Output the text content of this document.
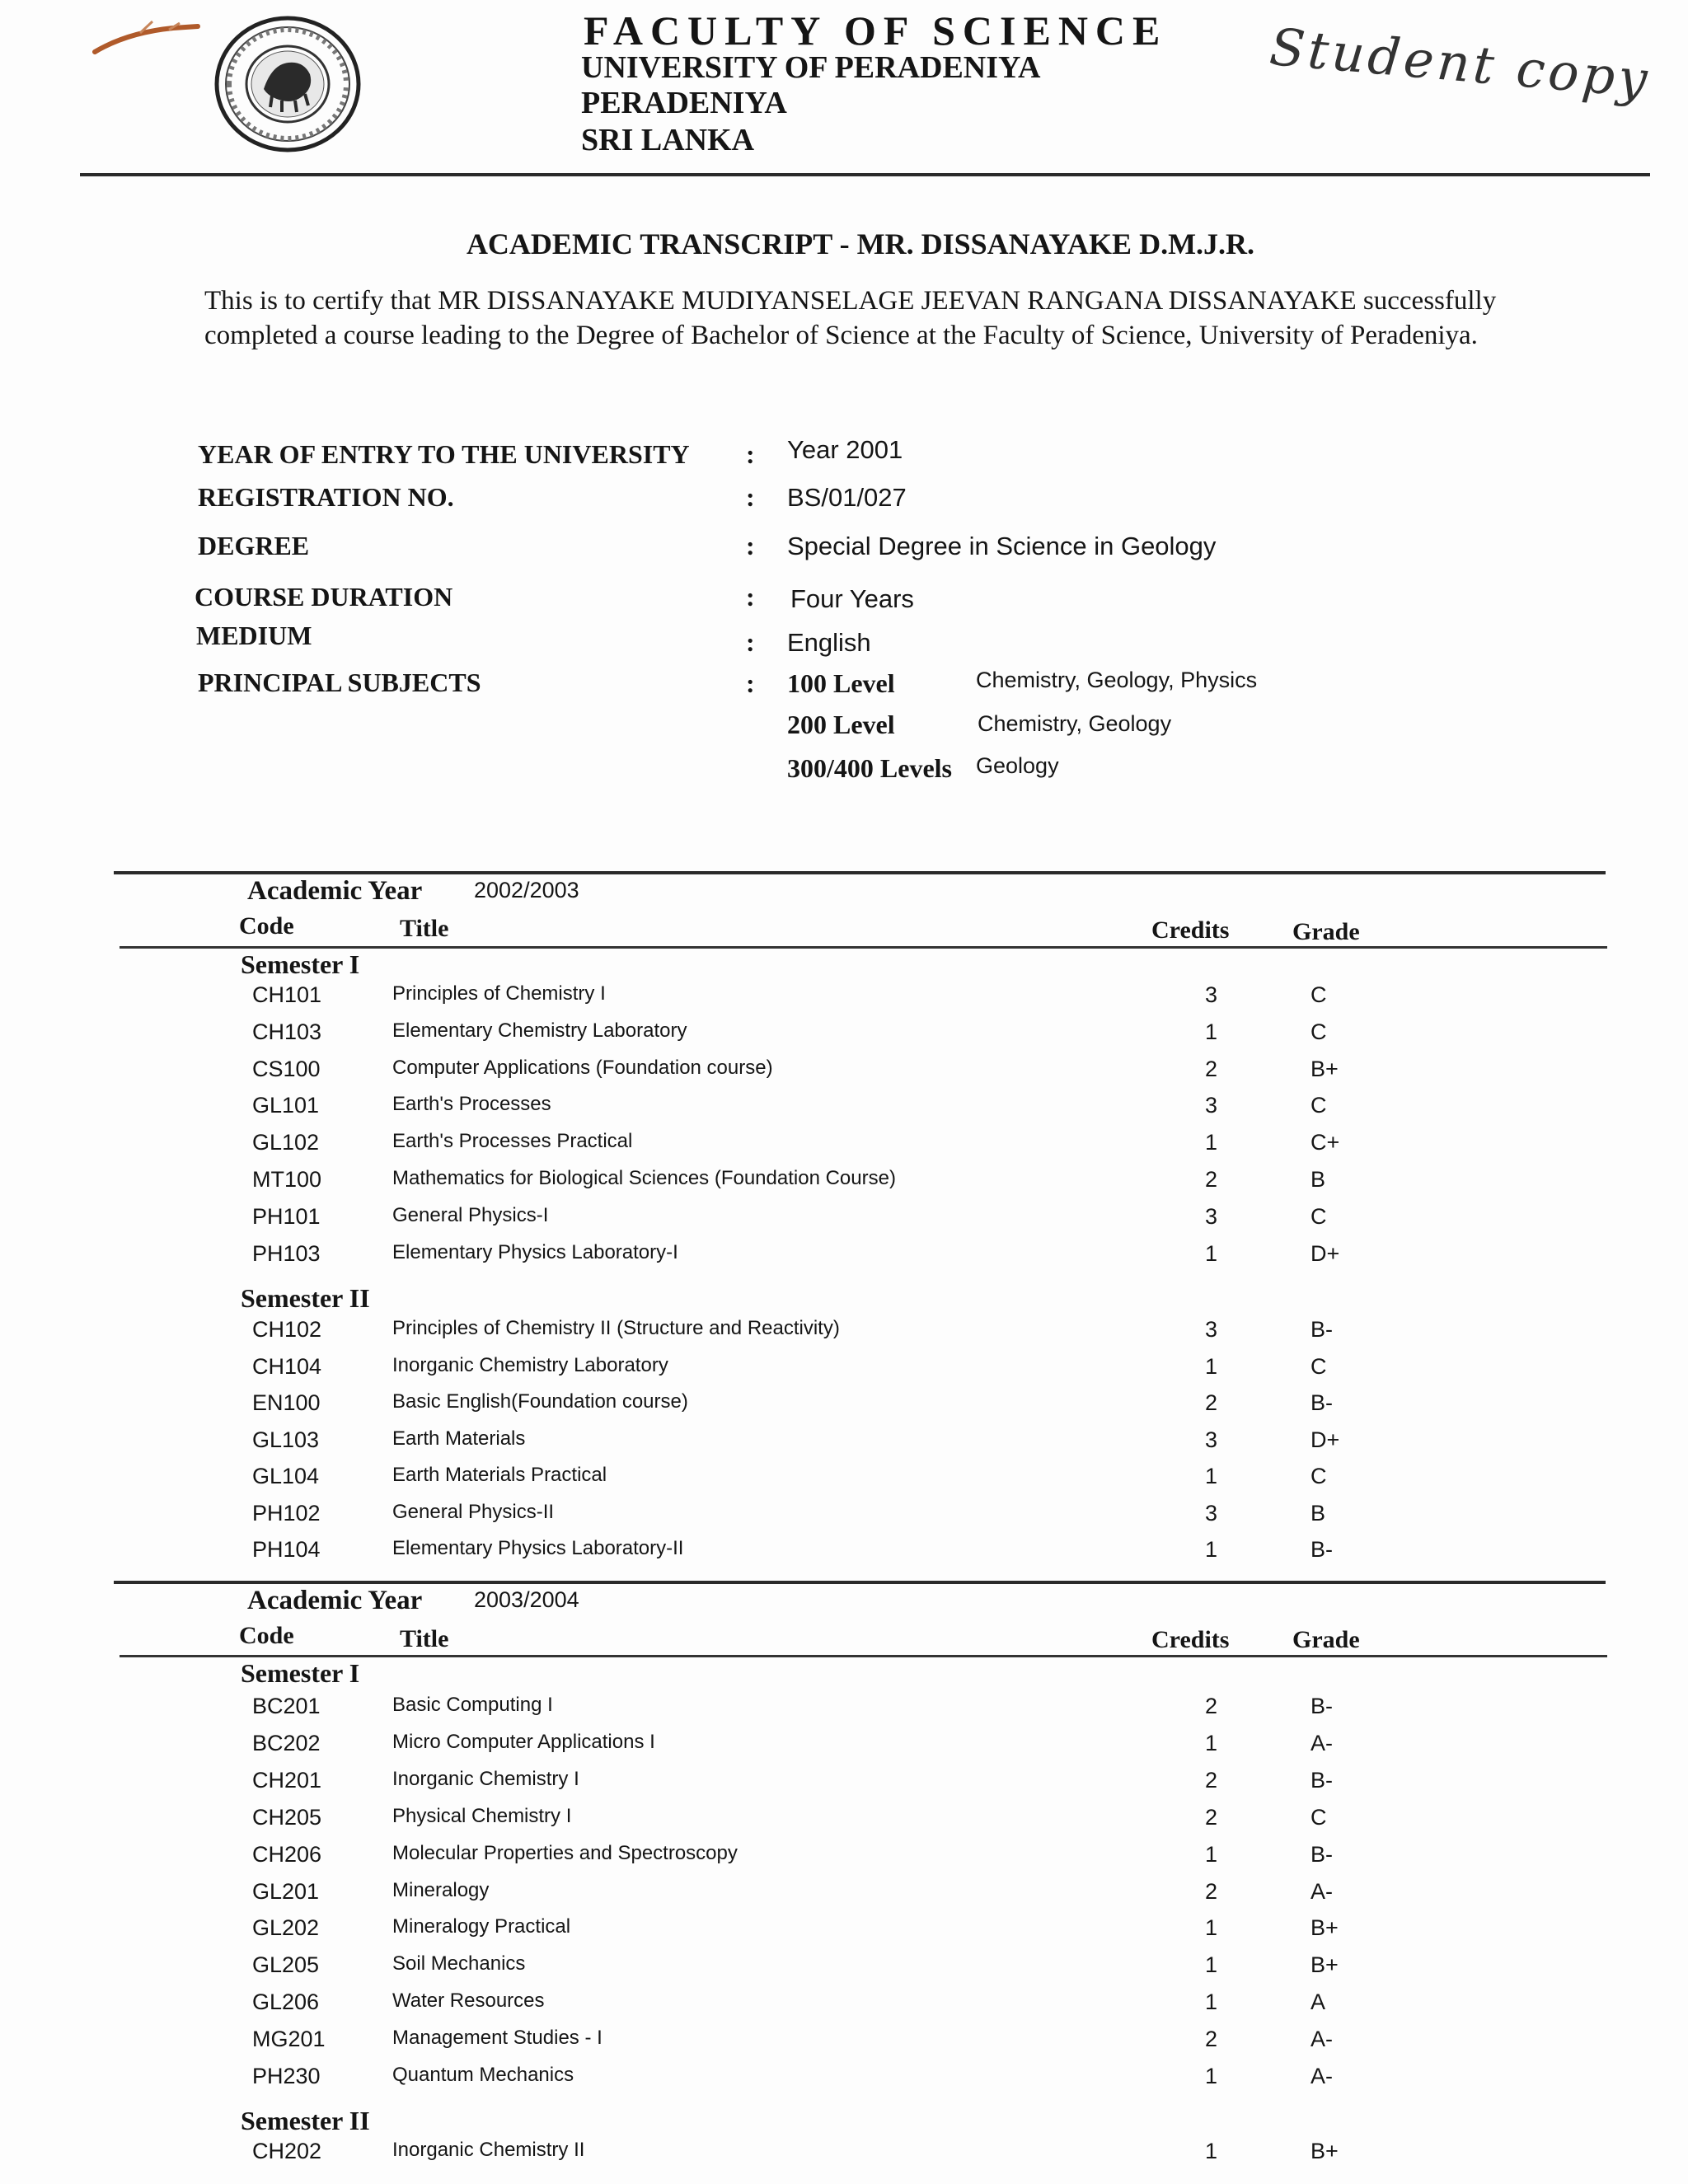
FACULTY OF SCIENCE
UNIVERSITY OF PERADENIYA
PERADENIYA
SRI LANKA
Student copy
ACADEMIC TRANSCRIPT - MR. DISSANAYAKE D.M.J.R.
This is to certify that MR DISSANAYAKE MUDIYANSELAGE JEEVAN RANGANA DISSANAYAKE successfully
completed a course leading to the Degree of Bachelor of Science at the Faculty of Science, University of Peradeniya.
YEAR OF ENTRY TO THE UNIVERSITY : Year 2001
REGISTRATION NO.	: BS/01/027
DEGREE	: Special Degree in Science in Geology
COURSE DURATION	: Four Years
MEDIUM	: English
PRINCIPAL SUBJECTS	: 100 Level	Chemistry, Geology, Physics
200 Level	Chemistry, Geology
300/400 Levels Geology
Academic Year 2002/2003
Code	Title	Credits	Grade
Semester I
CH101	Principles of Chemistry I	3	C
CH103	Elementary Chemistry Laboratory	1	C
CS100	Computer Applications (Foundation course)	2	B+
GL101	Earth's Processes	3	C
GL102	Earth's Processes Practical	1	C+
MT100	Mathematics for Biological Sciences (Foundation Course)	2	B
PH101	General Physics-I	3	C
PH103	Elementary Physics Laboratory-I	1	D+
Semester II
CH102	Principles of Chemistry II (Structure and Reactivity)	3	B-
CH104	Inorganic Chemistry Laboratory	1	C
EN100	Basic English(Foundation course)	2	B-
GL103	Earth Materials	3	D+
GL104	Earth Materials Practical	1	C
PH102	General Physics-II	3	B
PH104	Elementary Physics Laboratory-II	1	B-
Academic Year 2003/2004
Code	Title	Credits	Grade
Semester I
BC201	Basic Computing I	2	B-
BC202	Micro Computer Applications I	1	A-
CH201	Inorganic Chemistry I	2	B-
CH205	Physical Chemistry I	2	C
CH206	Molecular Properties and Spectroscopy	1	B-
GL201	Mineralogy	2	A-
GL202	Mineralogy Practical	1	B+
GL205	Soil Mechanics	1	B+
GL206	Water Resources	1	A
MG201	Management Studies - I	2	A-
PH230	Quantum Mechanics	1	A-
Semester II
CH202	Inorganic Chemistry II	1	B+
